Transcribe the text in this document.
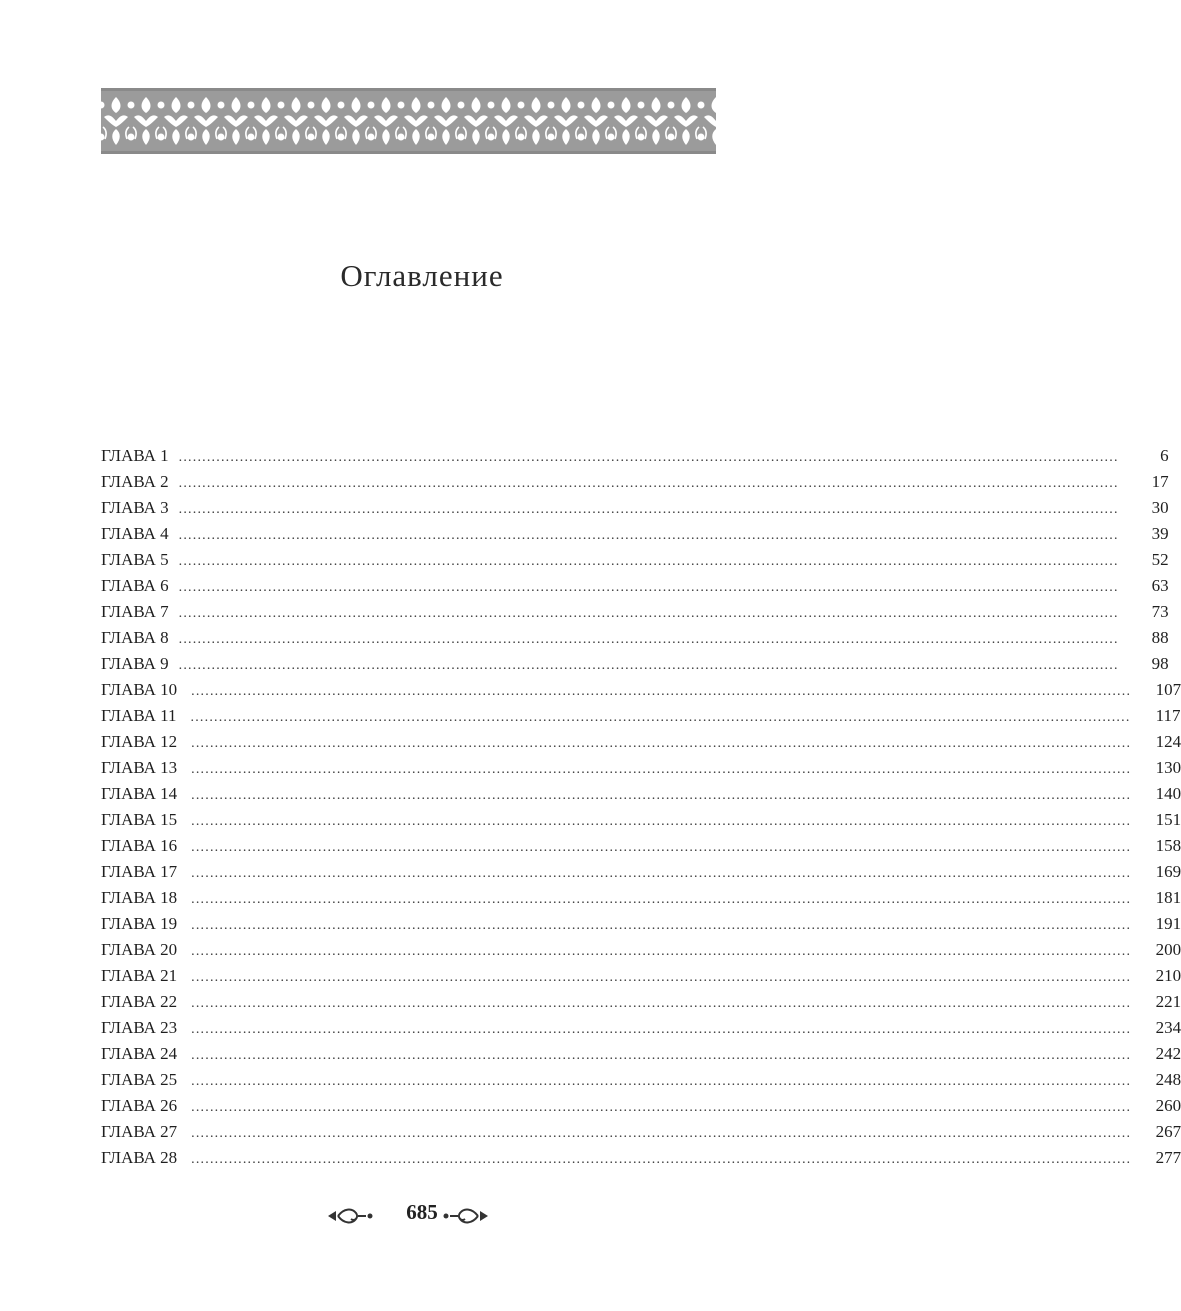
Оглавление
ГЛАВА 1 ........................................................................................................................................................................................................	6
ГЛАВА 2 ........................................................................................................................................................................................................	17
ГЛАВА 3 ........................................................................................................................................................................................................	30
ГЛАВА 4 ........................................................................................................................................................................................................	39
ГЛАВА 5 ........................................................................................................................................................................................................	52
ГЛАВА 6 ........................................................................................................................................................................................................	63
ГЛАВА 7 ........................................................................................................................................................................................................	73
ГЛАВА 8 ........................................................................................................................................................................................................	88
ГЛАВА 9 ........................................................................................................................................................................................................	98
ГЛАВА 10 ........................................................................................................................................................................................................	107
ГЛАВА 11 ........................................................................................................................................................................................................	117
ГЛАВА 12 ........................................................................................................................................................................................................	124
ГЛАВА 13 ........................................................................................................................................................................................................	130
ГЛАВА 14 ........................................................................................................................................................................................................	140
ГЛАВА 15 ........................................................................................................................................................................................................	151
ГЛАВА 16 ........................................................................................................................................................................................................	158
ГЛАВА 17 ........................................................................................................................................................................................................	169
ГЛАВА 18 ........................................................................................................................................................................................................	181
ГЛАВА 19 ........................................................................................................................................................................................................	191
ГЛАВА 20 ........................................................................................................................................................................................................	200
ГЛАВА 21 ........................................................................................................................................................................................................	210
ГЛАВА 22 ........................................................................................................................................................................................................	221
ГЛАВА 23 ........................................................................................................................................................................................................	234
ГЛАВА 24 ........................................................................................................................................................................................................	242
ГЛАВА 25 ........................................................................................................................................................................................................	248
ГЛАВА 26 ........................................................................................................................................................................................................	260
ГЛАВА 27 ........................................................................................................................................................................................................	267
ГЛАВА 28 ........................................................................................................................................................................................................	277
685
